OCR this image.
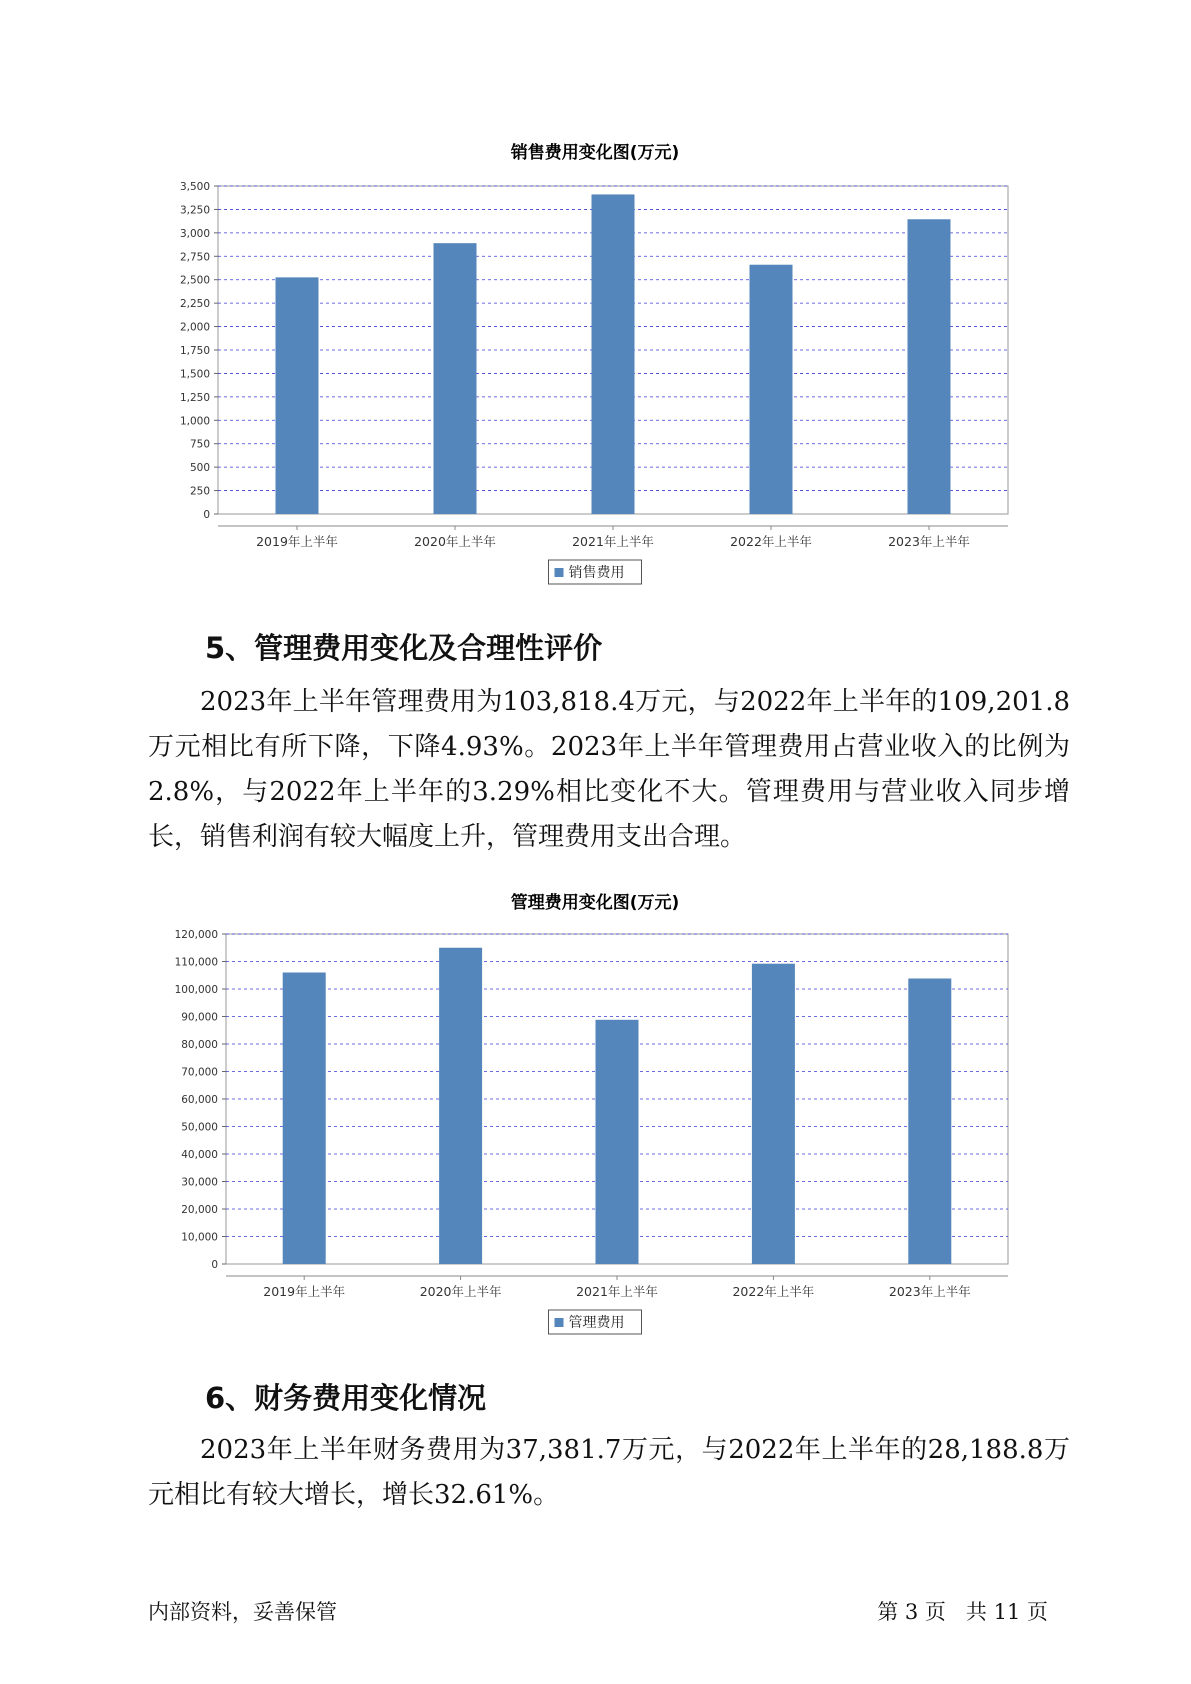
销售费用变化图(万元)
0
250
500
750
1,000
1,250
1,500
1,750
2,000
2,250
2,500
2,750
3,000
3,250
3,500
2019年上半年	2020年上半年	2021年上半年	2022年上半年	2023年上半年
销售费用
5、管理费用变化及合理性评价

2023年上半年管理费用为103,818.4万元，与2022年上半年的109,201.8万元相比有所下降，下降4.93%。2023年上半年管理费用占营业收入的比例为2.8%，与2022年上半年的3.29%相比变化不大。管理费用与营业收入同步增长，销售利润有较大幅度上升，管理费用支出合理。

管理费用变化图(万元)
0
10,000
20,000
30,000
40,000
50,000
60,000
70,000
80,000
90,000
100,000
110,000
120,000
2019年上半年	2020年上半年	2021年上半年	2022年上半年	2023年上半年
管理费用
6、财务费用变化情况

2023年上半年财务费用为37,381.7万元，与2022年上半年的28,188.8万元相比有较大增长，增长32.61%。

内部资料，妥善保管	第 3 页   共 11 页
